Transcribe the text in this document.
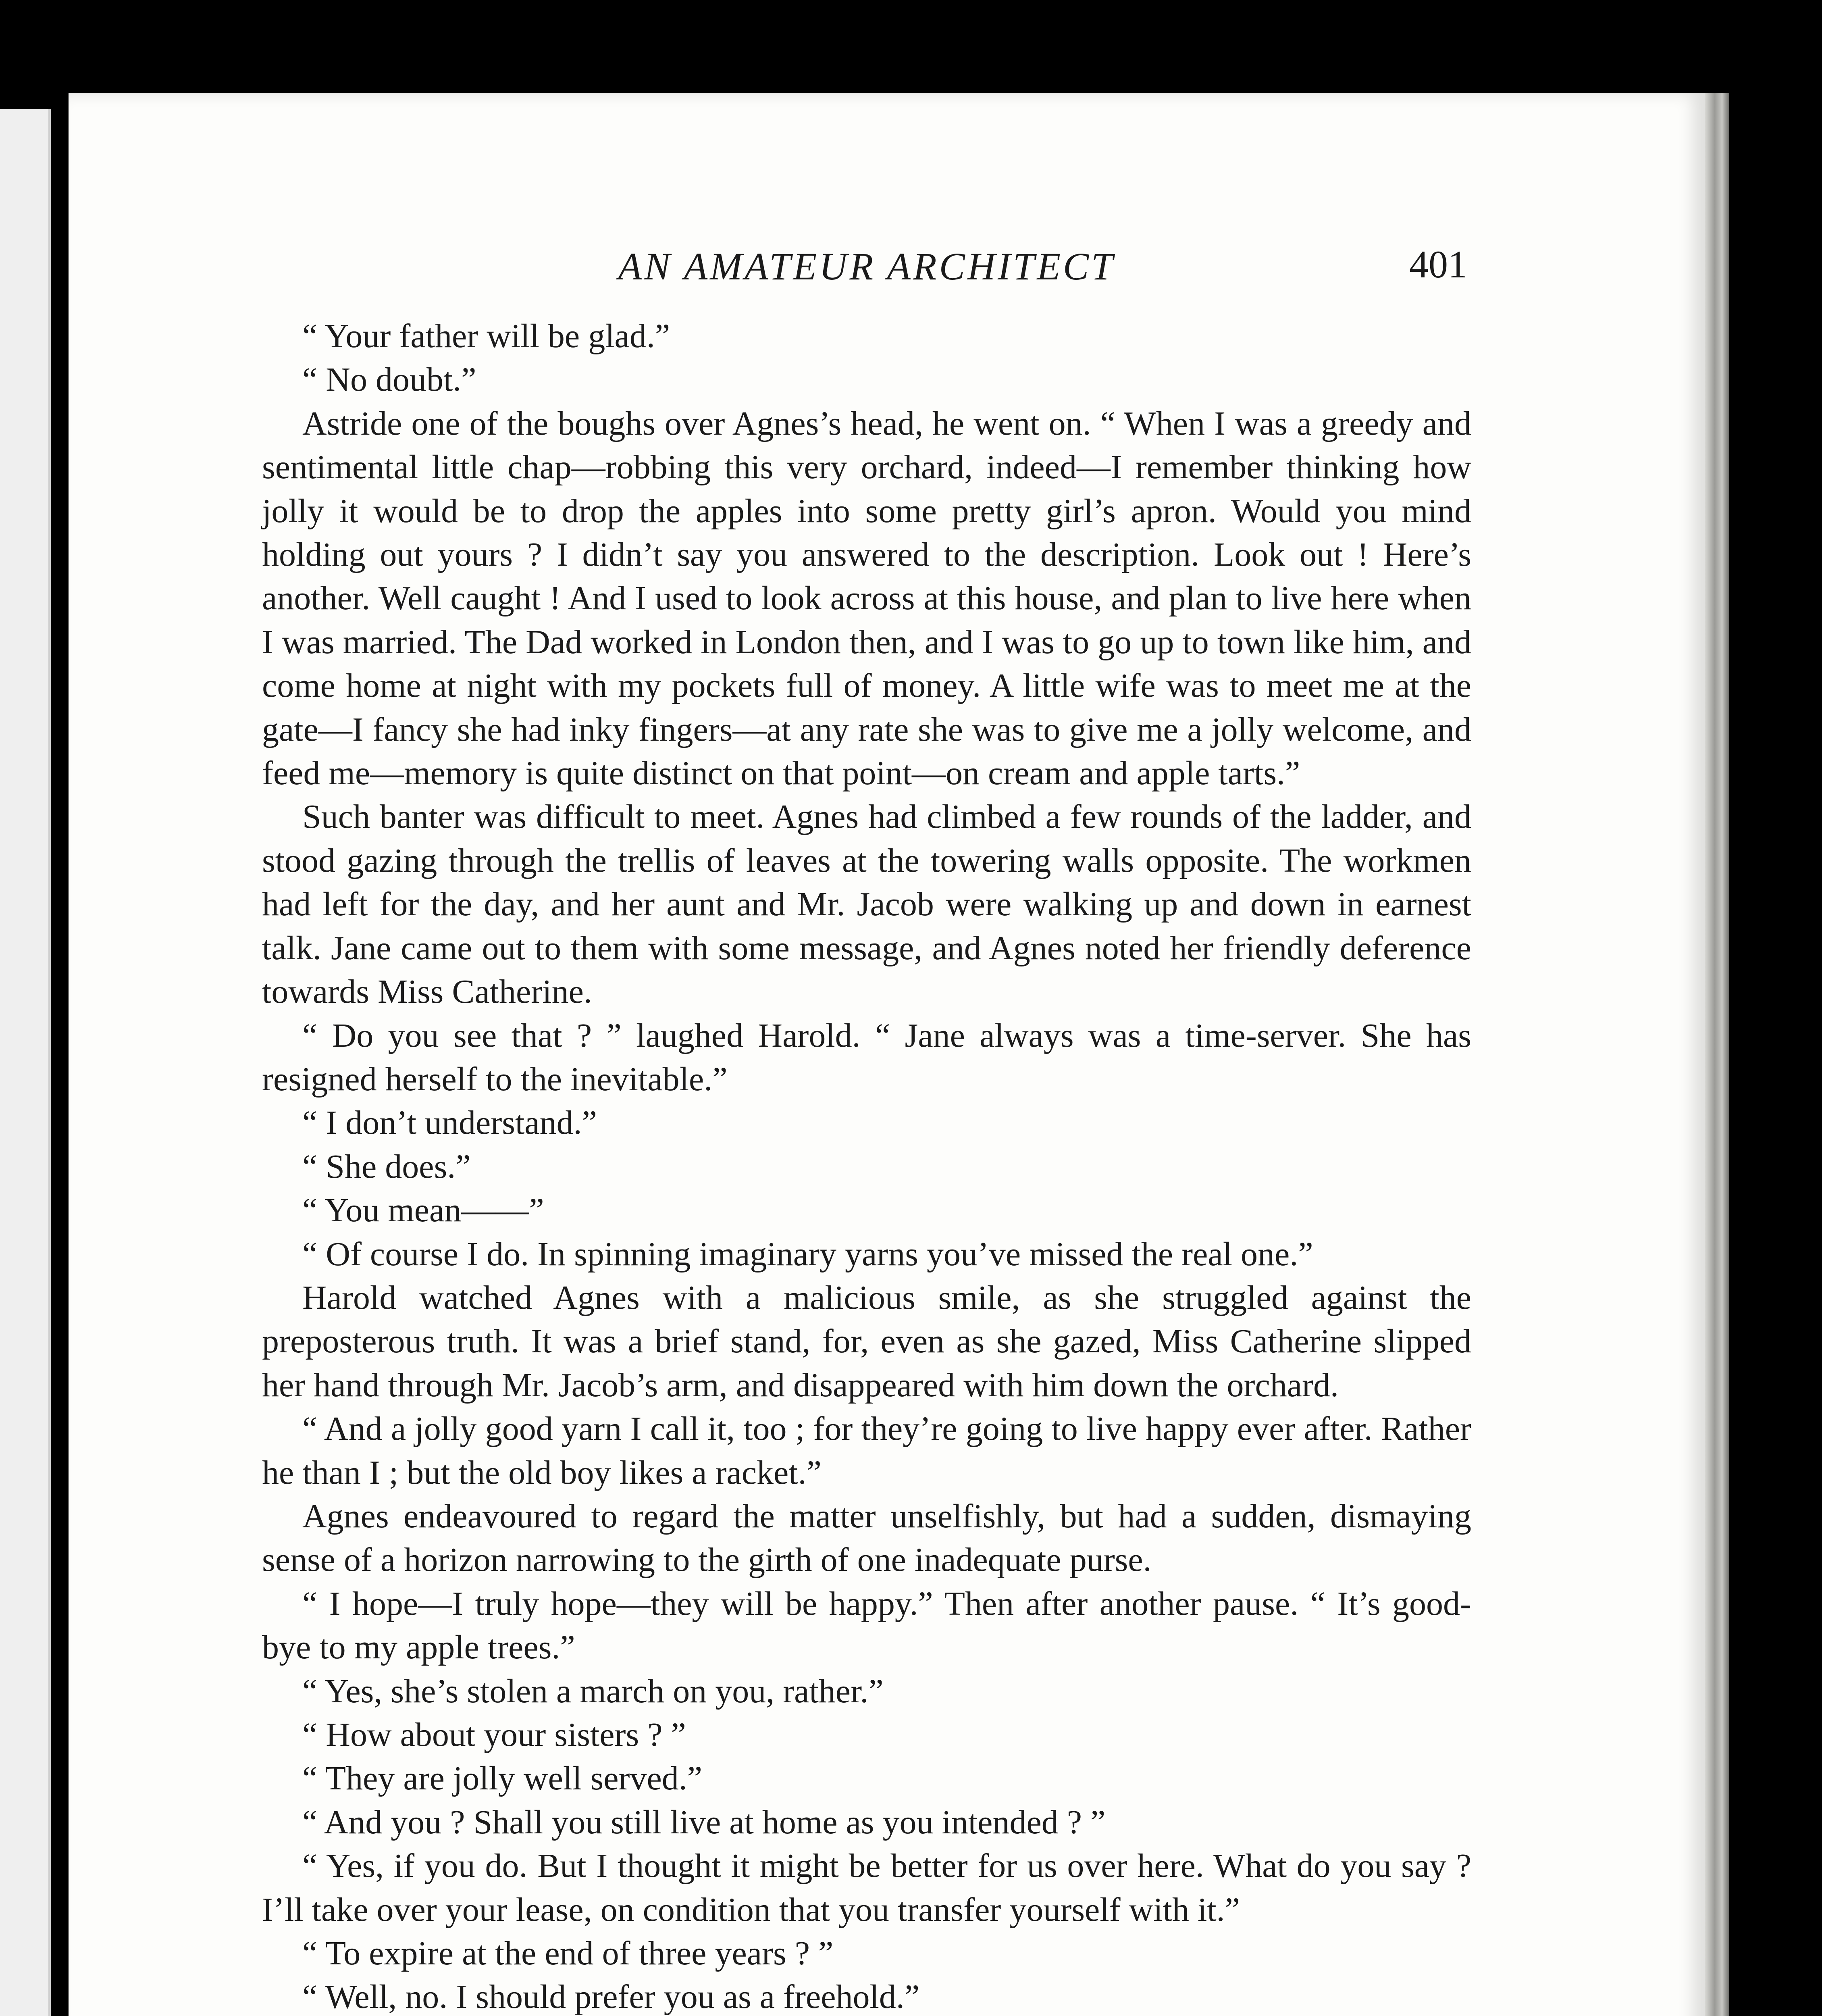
AN AMATEUR ARCHITECT	401

“ Your father will be glad.”

“ No doubt.”

Astride one of the boughs over Agnes’s head, he went on. “ When I was a greedy and sentimental little chap—robbing this very orchard, indeed—I remember thinking how jolly it would be to drop the apples into some pretty girl’s apron. Would you mind holding out yours ? I didn’t say you answered to the description. Look out ! Here’s another. Well caught ! And I used to look across at this house, and plan to live here when I was married. The Dad worked in London then, and I was to go up to town like him, and come home at night with my pockets full of money. A little wife was to meet me at the gate—I fancy she had inky fingers—at any rate she was to give me a jolly welcome, and feed me—memory is quite distinct on that point—on cream and apple tarts.”

Such banter was difficult to meet. Agnes had climbed a few rounds of the ladder, and stood gazing through the trellis of leaves at the towering walls opposite. The workmen had left for the day, and her aunt and Mr. Jacob were walking up and down in earnest talk. Jane came out to them with some message, and Agnes noted her friendly deference towards Miss Catherine.

“ Do you see that ? ” laughed Harold. “ Jane always was a time-server. She has resigned herself to the inevitable.”

“ I don’t understand.”

“ She does.”

“ You mean——”

“ Of course I do. In spinning imaginary yarns you’ve missed the real one.”

Harold watched Agnes with a malicious smile, as she struggled against the preposterous truth. It was a brief stand, for, even as she gazed, Miss Catherine slipped her hand through Mr. Jacob’s arm, and disappeared with him down the orchard.

“ And a jolly good yarn I call it, too ; for they’re going to live happy ever after. Rather he than I ; but the old boy likes a racket.”

Agnes endeavoured to regard the matter unselfishly, but had a sudden, dismaying sense of a horizon narrowing to the girth of one inadequate purse.

“ I hope—I truly hope—they will be happy.” Then after another pause. “ It’s good-bye to my apple trees.”

“ Yes, she’s stolen a march on you, rather.”

“ How about your sisters ? ”

“ They are jolly well served.”

“ And you ? Shall you still live at home as you intended ? ”

“ Yes, if you do. But I thought it might be better for us over here. What do you say ? I’ll take over your lease, on condition that you transfer yourself with it.”

“ To expire at the end of three years ? ”

“ Well, no. I should prefer you as a freehold.”
